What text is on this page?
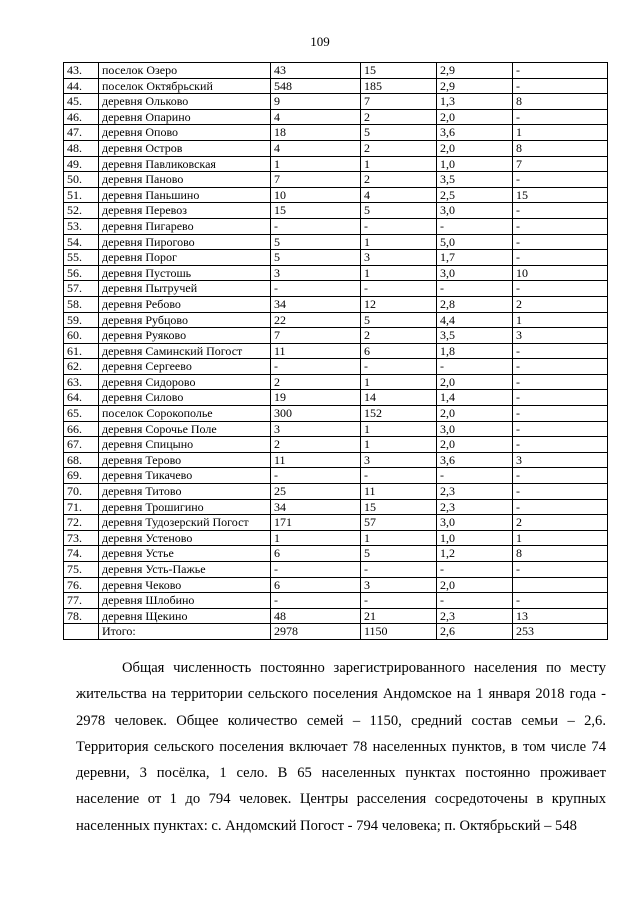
109
43.	поселок Озеро	43	15	2,9	-
44.	поселок Октябрьский	548	185	2,9	-
45.	деревня Ольково	9	7	1,3	8
46.	деревня Опарино	4	2	2,0	-
47.	деревня Опово	18	5	3,6	1
48.	деревня Остров	4	2	2,0	8
49.	деревня Павликовская	1	1	1,0	7
50.	деревня Паново	7	2	3,5	-
51.	деревня Паньшино	10	4	2,5	15
52.	деревня Перевоз	15	5	3,0	-
53.	деревня Пигарево	-	-	-	-
54.	деревня Пирогово	5	1	5,0	-
55.	деревня Порог	5	3	1,7	-
56.	деревня Пустошь	3	1	3,0	10
57.	деревня Пытручей	-	-	-	-
58.	деревня Ребово	34	12	2,8	2
59.	деревня Рубцово	22	5	4,4	1
60.	деревня Руяково	7	2	3,5	3
61.	деревня Саминский Погост	11	6	1,8	-
62.	деревня Сергеево	-	-	-	-
63.	деревня Сидорово	2	1	2,0	-
64.	деревня Силово	19	14	1,4	-
65.	поселок Сорокополье	300	152	2,0	-
66.	деревня Сорочье Поле	3	1	3,0	-
67.	деревня Спицыно	2	1	2,0	-
68.	деревня Терово	11	3	3,6	3
69.	деревня Тикачево	-	-	-	-
70.	деревня Титово	25	11	2,3	-
71.	деревня Трошигино	34	15	2,3	-
72.	деревня Тудозерский Погост	171	57	3,0	2
73.	деревня Устеново	1	1	1,0	1
74.	деревня Устье	6	5	1,2	8
75.	деревня Усть-Пажье	-	-	-	-
76.	деревня Чеково	6	3	2,0	
77.	деревня Шлобино	-	-	-	-
78.	деревня Щекино	48	21	2,3	13
	Итого:	2978	1150	2,6	253

Общая численность постоянно зарегистрированного населения по месту жительства на территории сельского поселения Андомское на 1 января 2018 года - 2978 человек. Общее количество семей – 1150, средний состав семьи – 2,6. Территория сельского поселения включает 78 населенных пунктов, в том числе 74 деревни, 3 посёлка, 1 село. В 65 населенных пунктах постоянно проживает население от 1 до 794 человек. Центры расселения сосредоточены в крупных населенных пунктах: с. Андомский Погост - 794 человека; п. Октябрьский – 548
